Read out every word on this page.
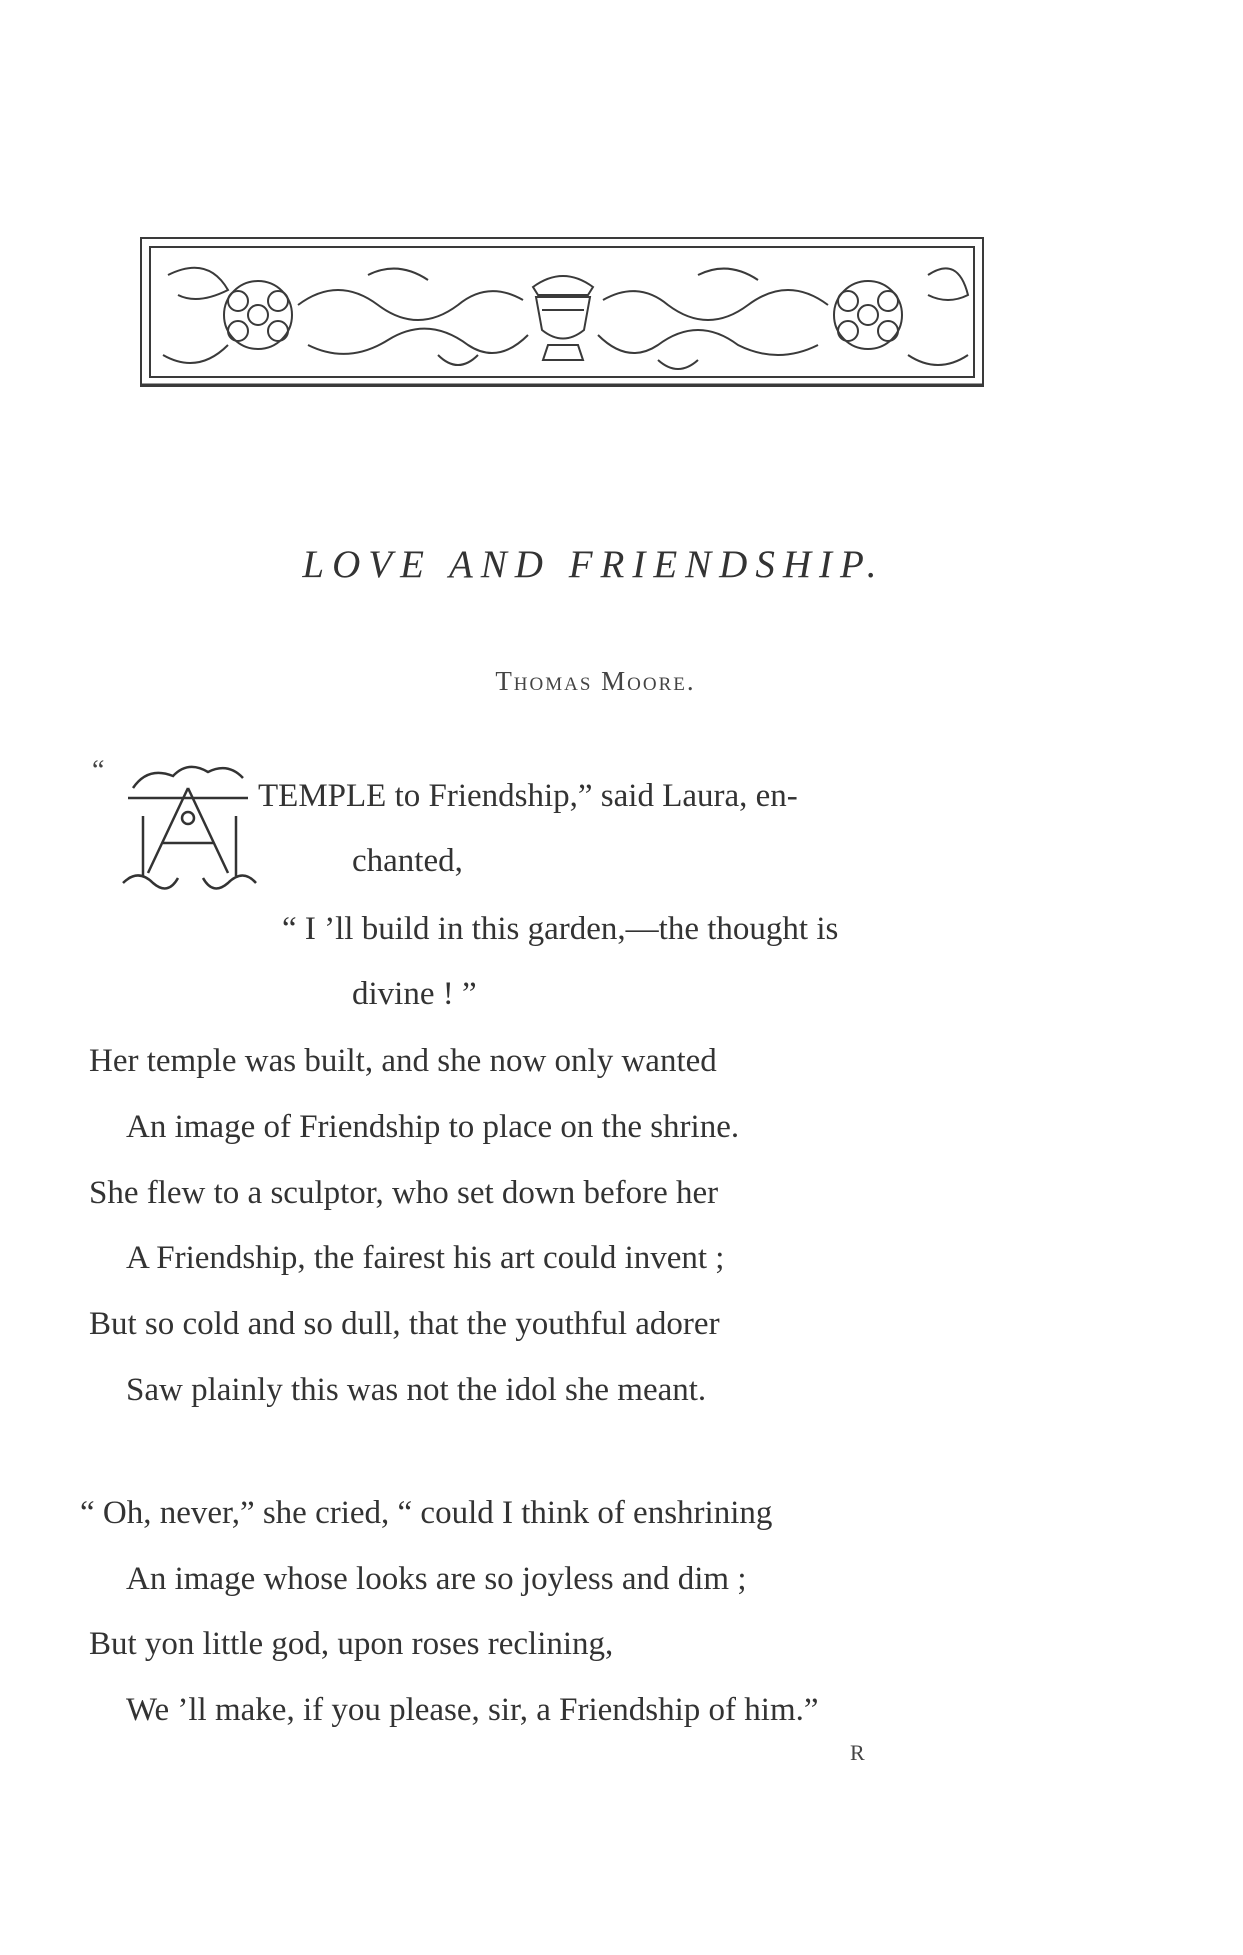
LOVE AND FRIENDSHIP.
Thomas Moore.
“
TEMPLE to Friendship,” said Laura, en-
chanted,
“ I ’ll build in this garden,—the thought is
divine ! ”
Her temple was built, and she now only wanted
An image of Friendship to place on the shrine.
She flew to a sculptor, who set down before her
A Friendship, the fairest his art could invent ;
But so cold and so dull, that the youthful adorer
Saw plainly this was not the idol she meant.
“ Oh, never,” she cried, “ could I think of enshrining
An image whose looks are so joyless and dim ;
But yon little god, upon roses reclining,
We ’ll make, if you please, sir, a Friendship of him.”
R
